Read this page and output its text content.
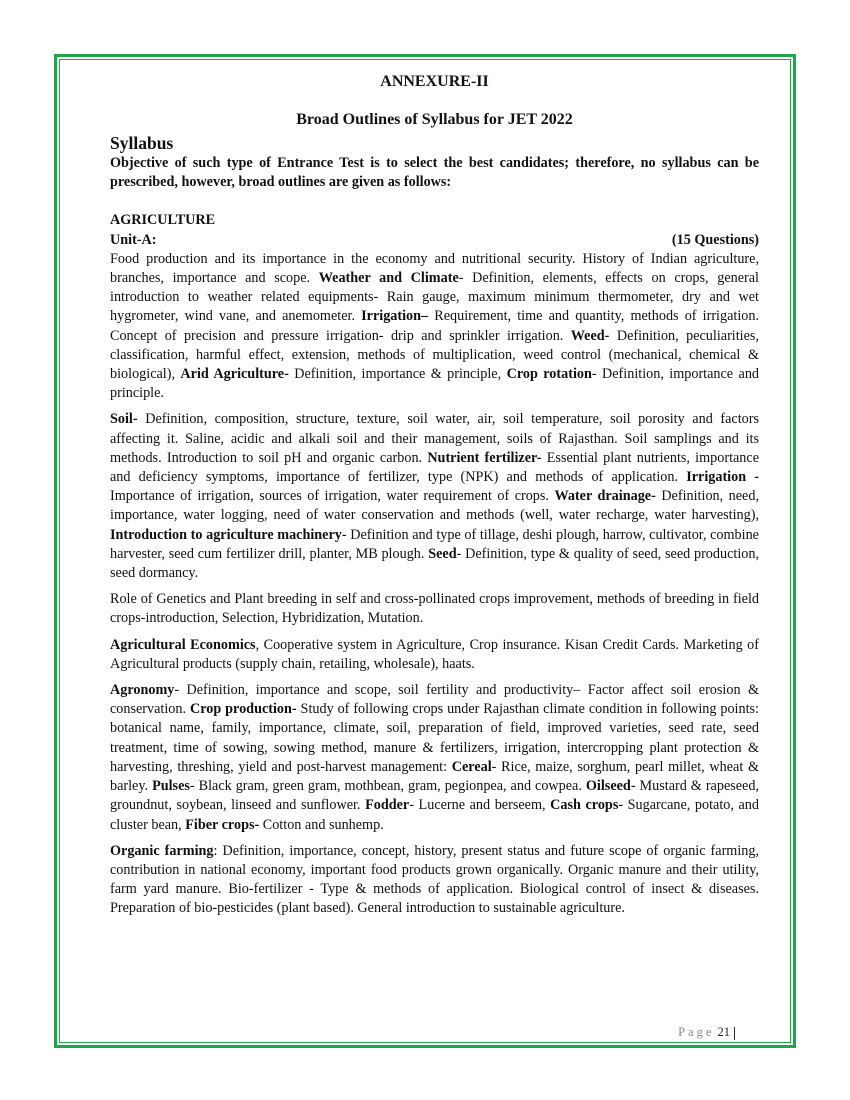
ANNEXURE-II
Broad Outlines of Syllabus for JET 2022
Syllabus
Objective of such type of Entrance Test is to select the best candidates; therefore, no syllabus can be prescribed, however, broad outlines are given as follows:
AGRICULTURE
Unit-A:	(15 Questions)

Food production and its importance in the economy and nutritional security. History of Indian agriculture, branches, importance and scope. Weather and Climate- Definition, elements, effects on crops, general introduction to weather related equipments- Rain gauge, maximum minimum thermometer, dry and wet hygrometer, wind vane, and anemometer. Irrigation– Requirement, time and quantity, methods of irrigation. Concept of precision and pressure irrigation- drip and sprinkler irrigation. Weed- Definition, peculiarities, classification, harmful effect, extension, methods of multiplication, weed control (mechanical, chemical & biological), Arid Agriculture- Definition, importance & principle, Crop rotation- Definition, importance and principle.

Soil- Definition, composition, structure, texture, soil water, air, soil temperature, soil porosity and factors affecting it. Saline, acidic and alkali soil and their management, soils of Rajasthan. Soil samplings and its methods. Introduction to soil pH and organic carbon. Nutrient fertilizer- Essential plant nutrients, importance and deficiency symptoms, importance of fertilizer, type (NPK) and methods of application. Irrigation - Importance of irrigation, sources of irrigation, water requirement of crops. Water drainage- Definition, need, importance, water logging, need of water conservation and methods (well, water recharge, water harvesting), Introduction to agriculture machinery- Definition and type of tillage, deshi plough, harrow, cultivator, combine harvester, seed cum fertilizer drill, planter, MB plough. Seed- Definition, type & quality of seed, seed production, seed dormancy.

Role of Genetics and Plant breeding in self and cross-pollinated crops improvement, methods of breeding in field crops-introduction, Selection, Hybridization, Mutation.

Agricultural Economics, Cooperative system in Agriculture, Crop insurance. Kisan Credit Cards. Marketing of Agricultural products (supply chain, retailing, wholesale), haats.

Agronomy- Definition, importance and scope, soil fertility and productivity– Factor affect soil erosion & conservation. Crop production- Study of following crops under Rajasthan climate condition in following points: botanical name, family, importance, climate, soil, preparation of field, improved varieties, seed rate, seed treatment, time of sowing, sowing method, manure & fertilizers, irrigation, intercropping plant protection & harvesting, threshing, yield and post-harvest management: Cereal- Rice, maize, sorghum, pearl millet, wheat & barley. Pulses- Black gram, green gram, mothbean, gram, pegionpea, and cowpea. Oilseed- Mustard & rapeseed, groundnut, soybean, linseed and sunflower. Fodder- Lucerne and berseem, Cash crops- Sugarcane, potato, and cluster bean, Fiber crops- Cotton and sunhemp.

Organic farming: Definition, importance, concept, history, present status and future scope of organic farming, contribution in national economy, important food products grown organically. Organic manure and their utility, farm yard manure. Bio-fertilizer - Type & methods of application. Biological control of insect & diseases. Preparation of bio-pesticides (plant based). General introduction to sustainable agriculture.

Page 21
